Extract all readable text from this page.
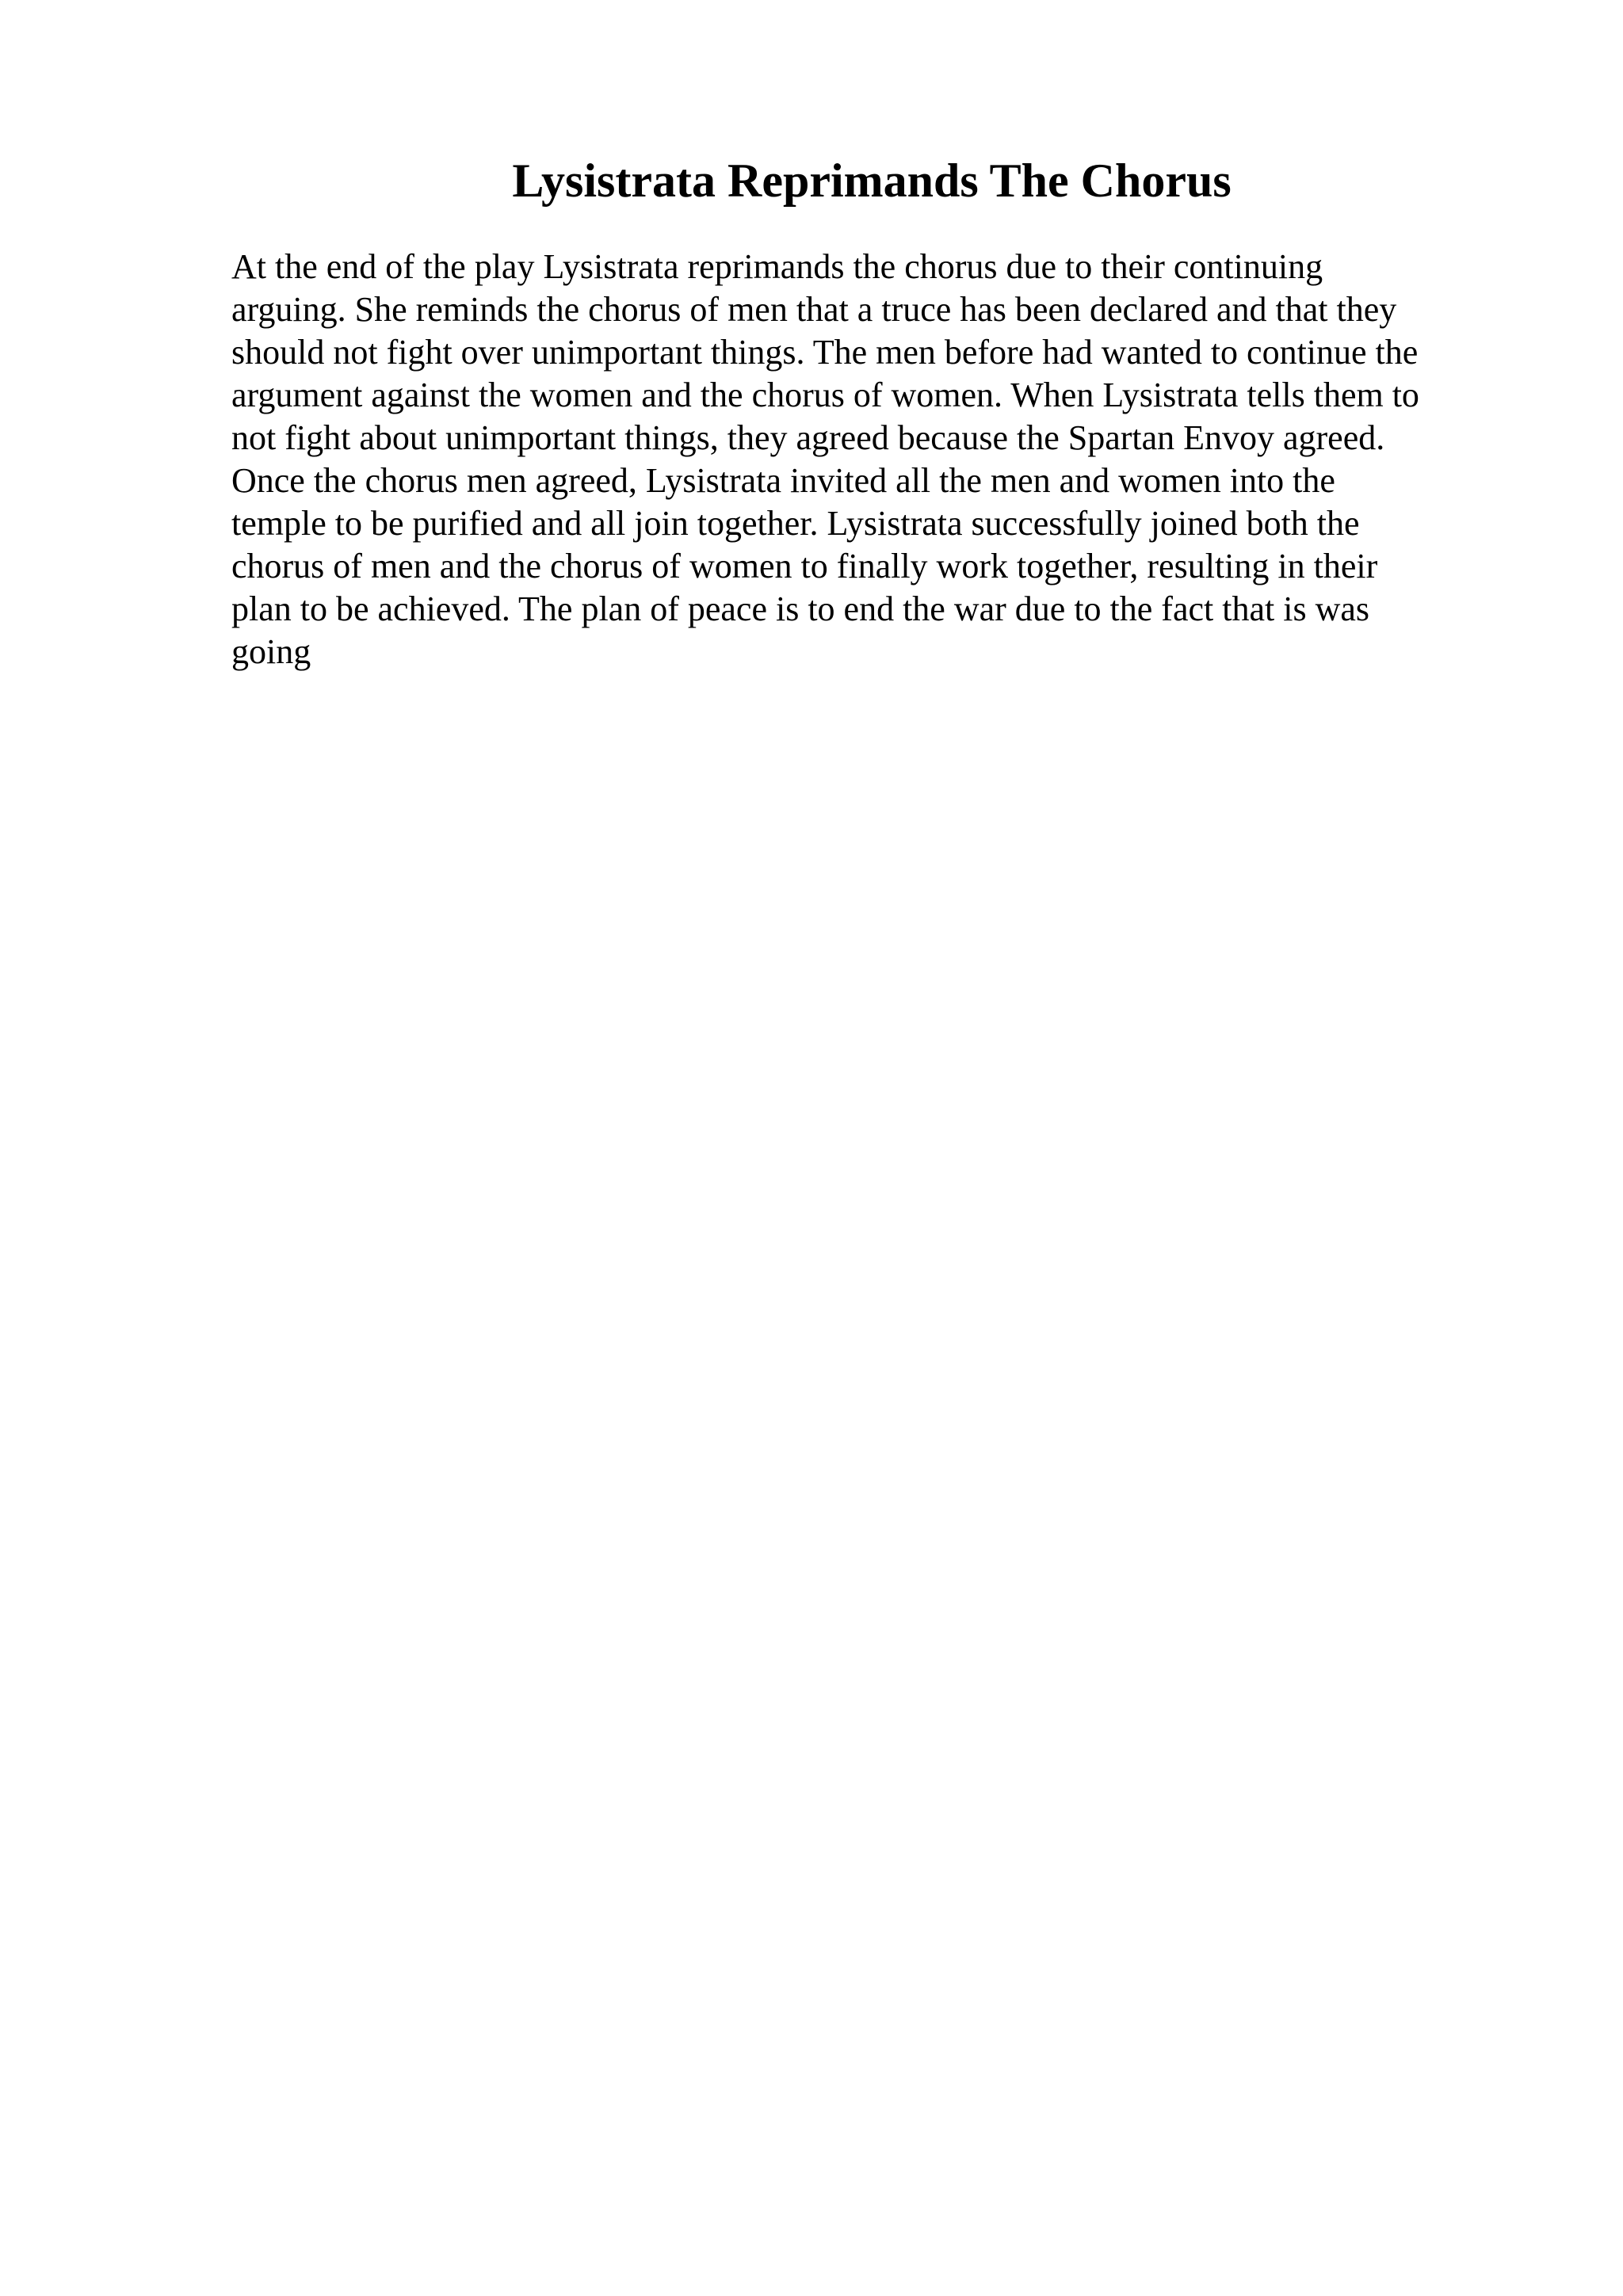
Lysistrata Reprimands The Chorus

At the end of the play Lysistrata reprimands the chorus due to their continuing
arguing. She reminds the chorus of men that a truce has been declared and that they
should not fight over unimportant things. The men before had wanted to continue the
argument against the women and the chorus of women. When Lysistrata tells them to
not fight about unimportant things, they agreed because the Spartan Envoy agreed.
Once the chorus men agreed, Lysistrata invited all the men and women into the
temple to be purified and all join together. Lysistrata successfully joined both the
chorus of men and the chorus of women to finally work together, resulting in their
plan to be achieved. The plan of peace is to end the war due to the fact that is was
going
